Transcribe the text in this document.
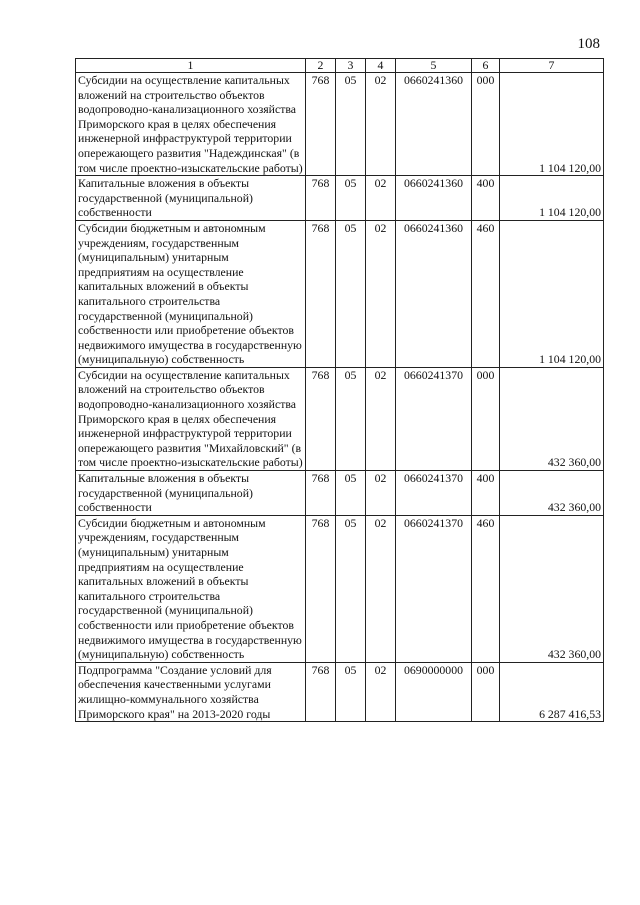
108
1	2	3	4	5	6	7
Субсидии на осуществление капитальных вложений на строительство объектов водопроводно-канализационного хозяйства Приморского края в целях обеспечения инженерной инфраструктурой территории опережающего развития "Надеждинская" (в том числе проектно-изыскательские работы)	768	05	02	0660241360	000	1 104 120,00
Капитальные вложения в объекты государственной (муниципальной) собственности	768	05	02	0660241360	400	1 104 120,00
Субсидии бюджетным и автономным учреждениям, государственным (муниципальным) унитарным предприятиям на осуществление капитальных вложений в объекты капитального строительства государственной (муниципальной) собственности или приобретение объектов недвижимого имущества в государственную (муниципальную) собственность	768	05	02	0660241360	460	1 104 120,00
Субсидии на осуществление капитальных вложений на строительство объектов водопроводно-канализационного хозяйства Приморского края в целях обеспечения инженерной инфраструктурой территории опережающего развития "Михайловский" (в том числе проектно-изыскательские работы)	768	05	02	0660241370	000	432 360,00
Капитальные вложения в объекты государственной (муниципальной) собственности	768	05	02	0660241370	400	432 360,00
Субсидии бюджетным и автономным учреждениям, государственным (муниципальным) унитарным предприятиям на осуществление капитальных вложений в объекты капитального строительства государственной (муниципальной) собственности или приобретение объектов недвижимого имущества в государственную (муниципальную) собственность	768	05	02	0660241370	460	432 360,00
Подпрограмма "Создание условий для обеспечения качественными услугами жилищно-коммунального хозяйства Приморского края" на 2013-2020 годы	768	05	02	0690000000	000	6 287 416,53
